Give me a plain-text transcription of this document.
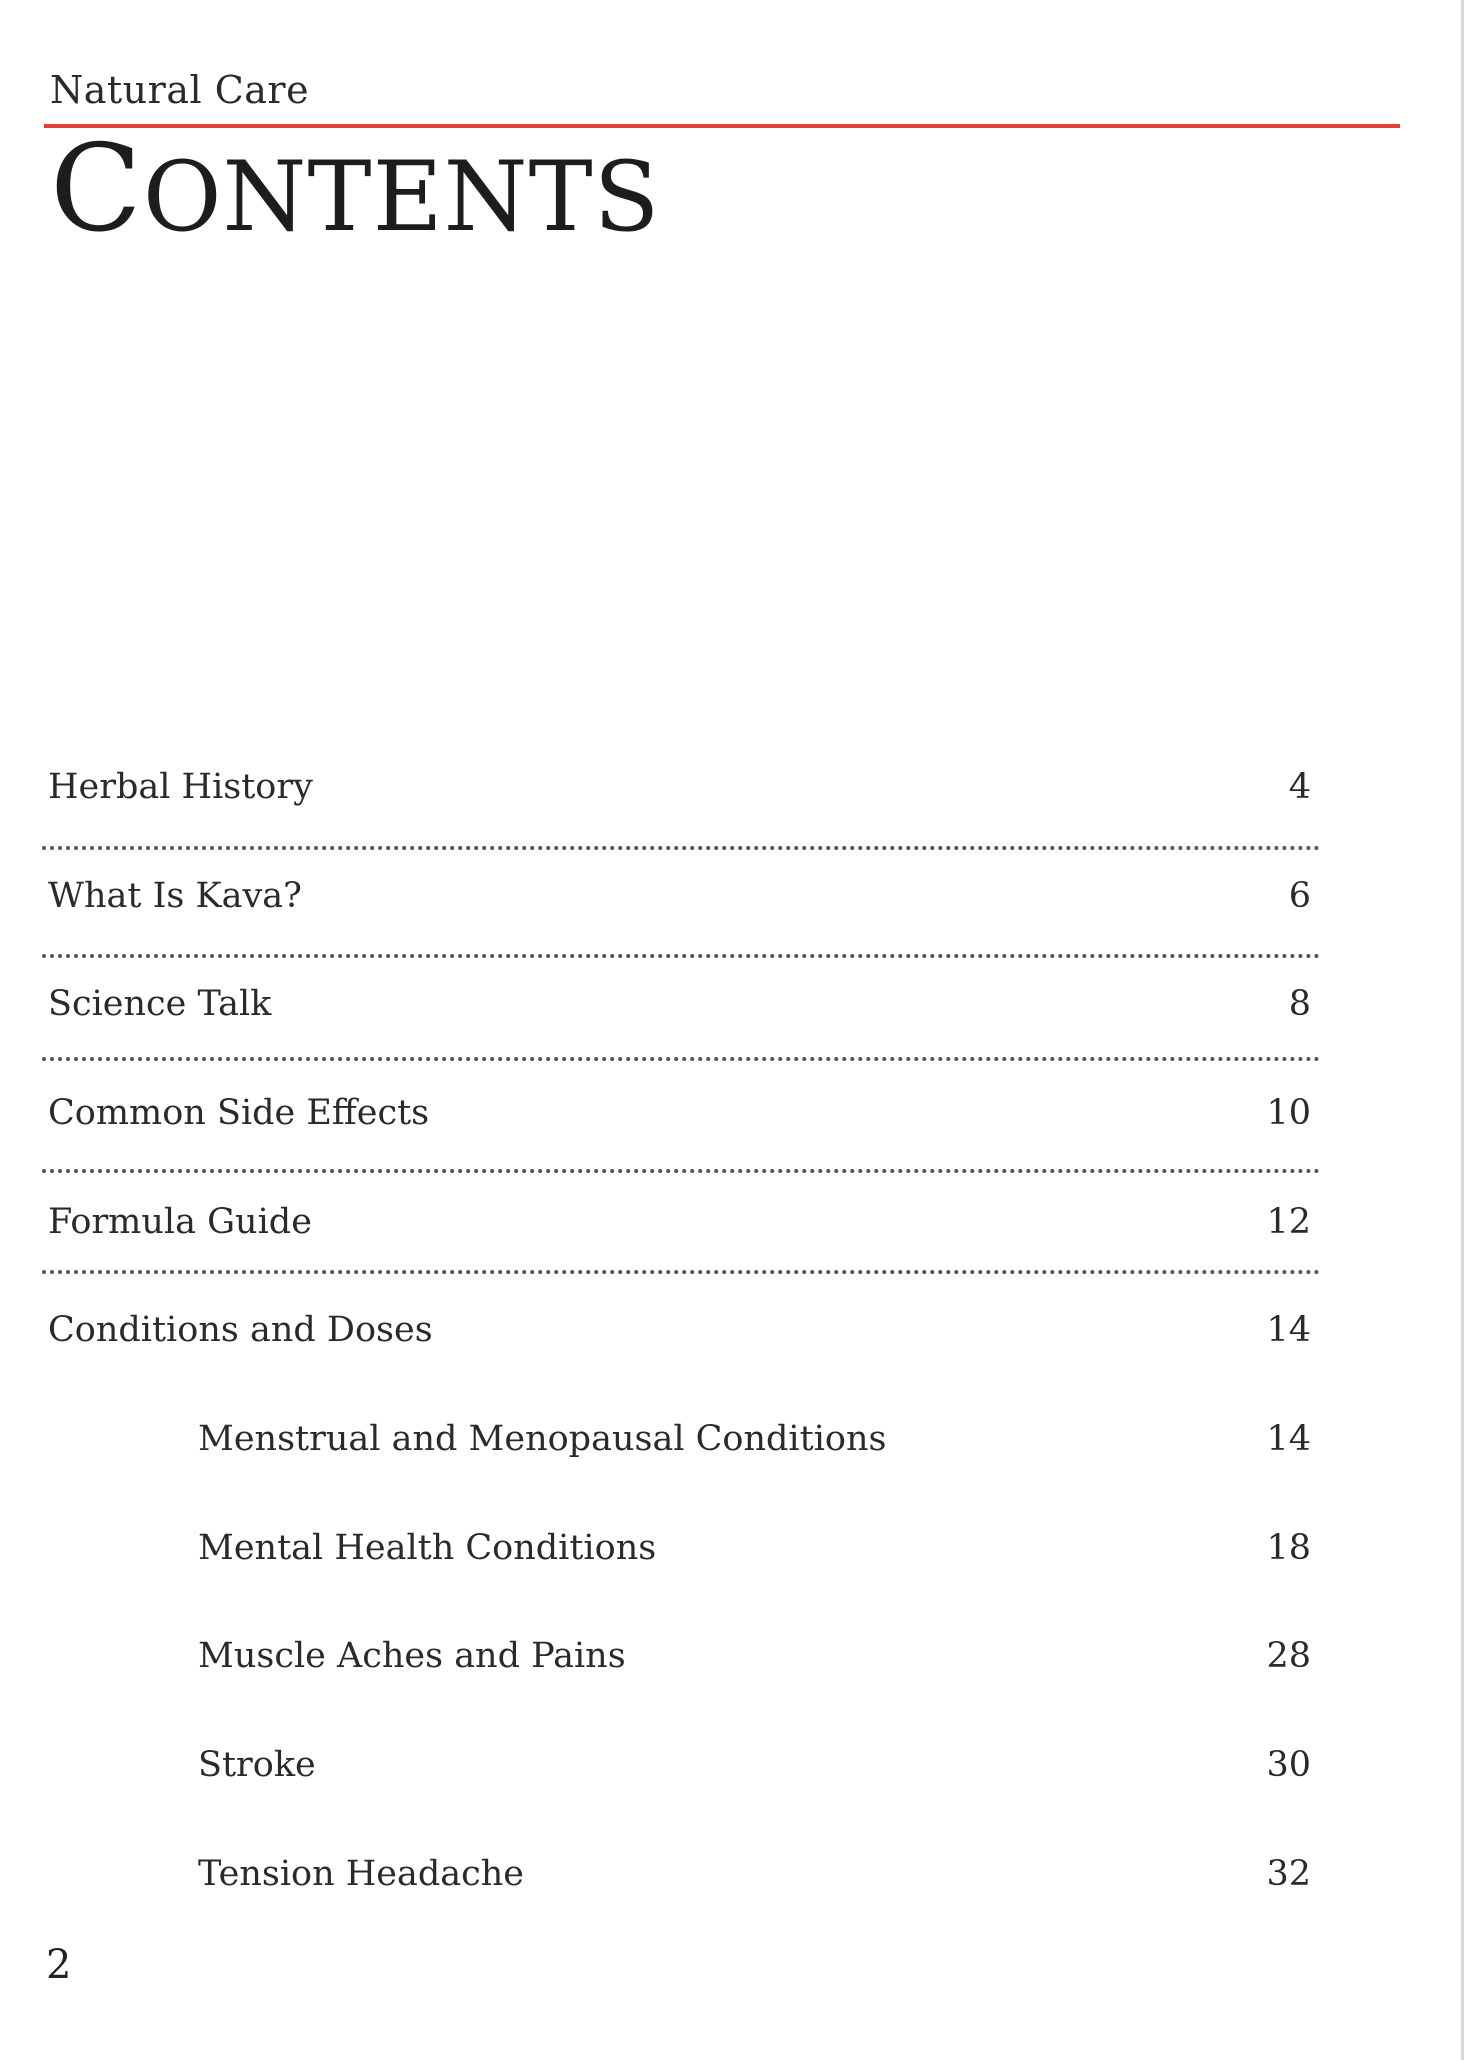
Natural Care
CONTENTS
Herbal History	4
What Is Kava?	6
Science Talk	8
Common Side Effects	10
Formula Guide	12
Conditions and Doses	14
Menstrual and Menopausal Conditions	14
Mental Health Conditions	18
Muscle Aches and Pains	28
Stroke	30
Tension Headache	32
2
